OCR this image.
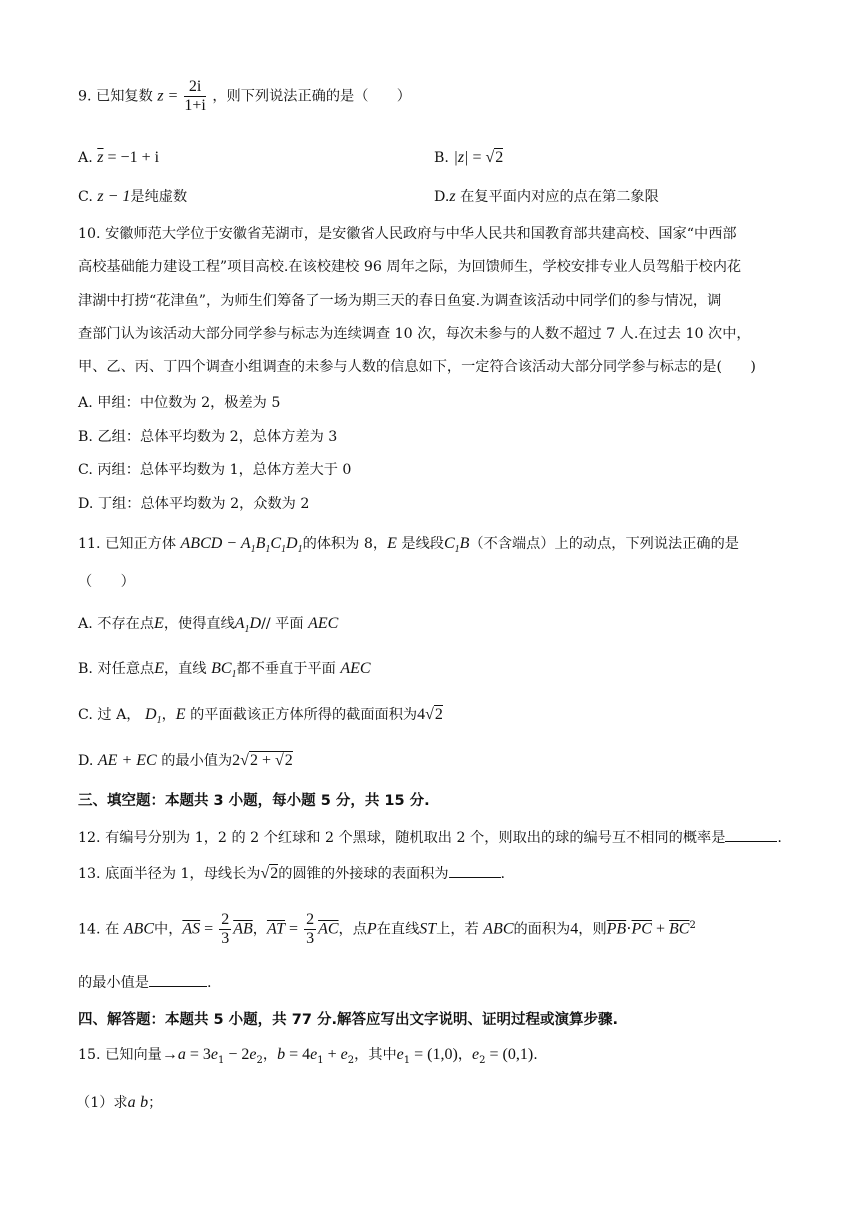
9. 已知复数 $z = \frac{2i}{1+i}$ ，则下列说法正确的是（　　）
A. $\overline{z} = -1 + i$	B. |z| = √2
C. z − 1是纯虚数	D.z 在复平面内对应的点在第二象限
10. 安徽师范大学位于安徽省芜湖市，是安徽省人民政府与中华人民共和国教育部共建高校、国家“中西部
高校基础能力建设工程”项目高校.在该校建校 96 周年之际，为回馈师生，学校安排专业人员驾船于校内花
津湖中打捞“花津鱼”，为师生们筹备了一场为期三天的春日鱼宴.为调查该活动中同学们的参与情况，调
查部门认为该活动大部分同学参与标志为连续调查 10 次，每次未参与的人数不超过 7 人.在过去 10 次中，
甲、乙、丙、丁四个调查小组调查的未参与人数的信息如下，一定符合该活动大部分同学参与标志的是(　　)
A. 甲组：中位数为 2，极差为 5
B. 乙组：总体平均数为 2，总体方差为 3
C. 丙组：总体平均数为 1，总体方差大于 0
D. 丁组：总体平均数为 2，众数为 2
11. 已知正方体 ABCD − $A_1B_1C_1D_1$的体积为 8，E 是线段$C_1B$（不含端点）上的动点，下列说法正确的是
（　　）
A. 不存在点E，使得直线$A_1D//$ 平面 AEC
B. 对任意点E，直线 $BC_1$都不垂直于平面 AEC
C. 过 A， $D_1$，E 的平面截该正方体所得的截面面积为4√2
D. AE + EC 的最小值为2√2 + √2
三、填空题：本题共 3 小题，每小题 5 分，共 15 分.
12. 有编号分别为 1，2 的 2 个红球和 2 个黑球，随机取出 2 个，则取出的球的编号互不相同的概率是	.
13. 底面半径为 1，母线长为√2的圆锥的外接球的表面积为	.
14. 在 ABC中，$\overline{AS} = \frac{2}{3} \overline{AB}$，$\overline{AT} = \frac{2}{3} \overline{AC}$，点P在直线ST上，若 ABC的面积为4，则$\overline{PB}\cdot\overline{PC} + \overline{BC}^2$
的最小值是	.
四、解答题：本题共 5 小题，共 77 分.解答应写出文字说明、证明过程或演算步骤.
15. 已知向量$\to a = 3e_1 - 2e_2$，$b = 4e_1 + e_2$，其中$e_1 = (1,0)$，$e_2 = (0,1)$.
（1）求a b；
